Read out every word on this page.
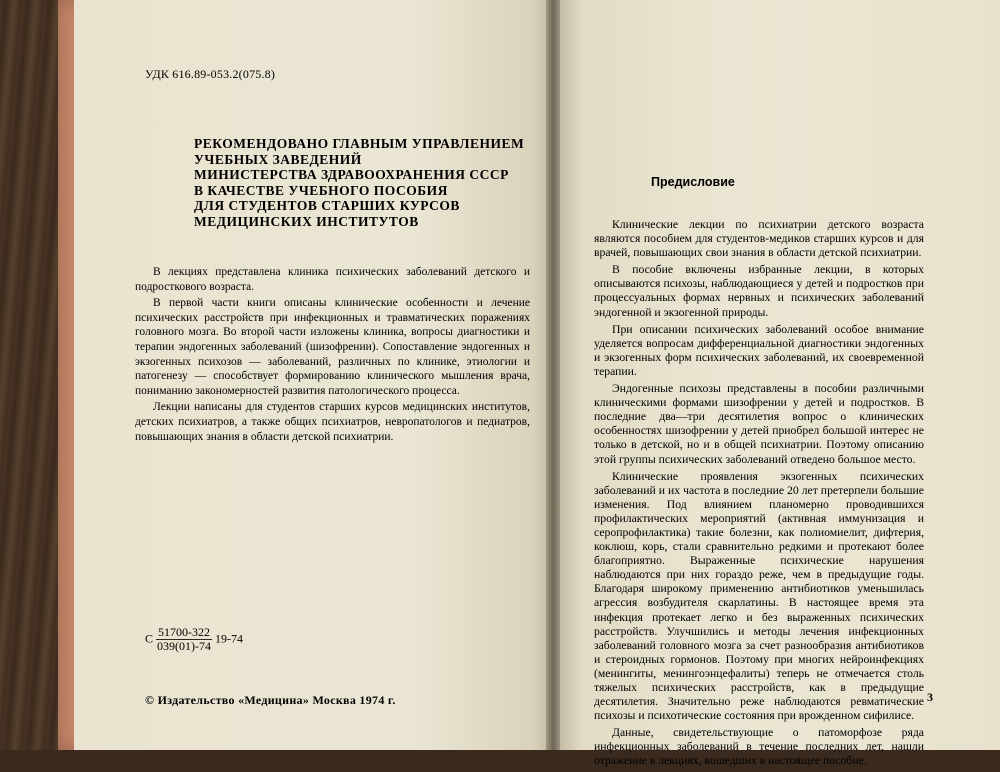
УДК 616.89-053.2(075.8)
РЕКОМЕНДОВАНО ГЛАВНЫМ УПРАВЛЕНИЕМ
УЧЕБНЫХ ЗАВЕДЕНИЙ
МИНИСТЕРСТВА ЗДРАВООХРАНЕНИЯ СССР
В КАЧЕСТВЕ УЧЕБНОГО ПОСОБИЯ
ДЛЯ СТУДЕНТОВ СТАРШИХ КУРСОВ
МЕДИЦИНСКИХ ИНСТИТУТОВ

В лекциях представлена клиника психических заболеваний детского и подросткового возраста.

В первой части книги описаны клинические особенности и лечение психических расстройств при инфекционных и травматических поражениях головного мозга. Во второй части изложены клиника, вопросы диагностики и терапии эндогенных заболеваний (шизофрении). Сопоставление эндогенных и экзогенных психозов — заболеваний, различных по клинике, этиологии и патогенезу — способствует формированию клинического мышления врача, пониманию закономерностей развития патологического процесса.

Лекции написаны для студентов старших курсов медицинских институтов, детских психиатров, а также общих психиатров, невропатологов и педиатров, повышающих знания в области детской психиатрии.

С $\frac{51700-322}{039(01)-74} 19-74$
© Издательство «Медицина» Москва 1974 г.
Предисловие

Клинические лекции по психиатрии детского возраста являются пособием для студентов-медиков старших курсов и для врачей, повышающих свои знания в области детской психиатрии.

В пособие включены избранные лекции, в которых описываются психозы, наблюдающиеся у детей и подростков при процессуальных формах нервных и психических заболеваний эндогенной и экзогенной природы.

При описании психических заболеваний особое внимание уделяется вопросам дифференциальной диагностики эндогенных и экзогенных форм психических заболеваний, их своевременной терапии.

Эндогенные психозы представлены в пособии различными клиническими формами шизофрении у детей и подростков. В последние два—три десятилетия вопрос о клинических особенностях шизофрении у детей приобрел большой интерес не только в детской, но и в общей психиатрии. Поэтому описанию этой группы психических заболеваний отведено большое место.

Клинические проявления экзогенных психических заболеваний и их частота в последние 20 лет претерпели большие изменения. Под влиянием планомерно проводившихся профилактических мероприятий (активная иммунизация и серопрофилактика) такие болезни, как полиомиелит, дифтерия, коклюш, корь, стали сравнительно редкими и протекают более благоприятно. Выраженные психические нарушения наблюдаются при них гораздо реже, чем в предыдущие годы. Благодаря широкому применению антибиотиков уменьшилась агрессия возбудителя скарлатины. В настоящее время эта инфекция протекает легко и без выраженных психических расстройств. Улучшились и методы лечения инфекционных заболеваний головного мозга за счет разнообразия антибиотиков и стероидных гормонов. Поэтому при многих нейроинфекциях (менингиты, менингоэнцефалиты) теперь не отмечается столь тяжелых психических расстройств, как в предыдущие десятилетия. Значительно реже наблюдаются ревматические психозы и психотические состояния при врожденном сифилисе.

Данные, свидетельствующие о патоморфозе ряда инфекционных заболеваний в течение последних лет, нашли отражение в лекциях, вошедших в настоящее пособие.

3
www.ay.by
